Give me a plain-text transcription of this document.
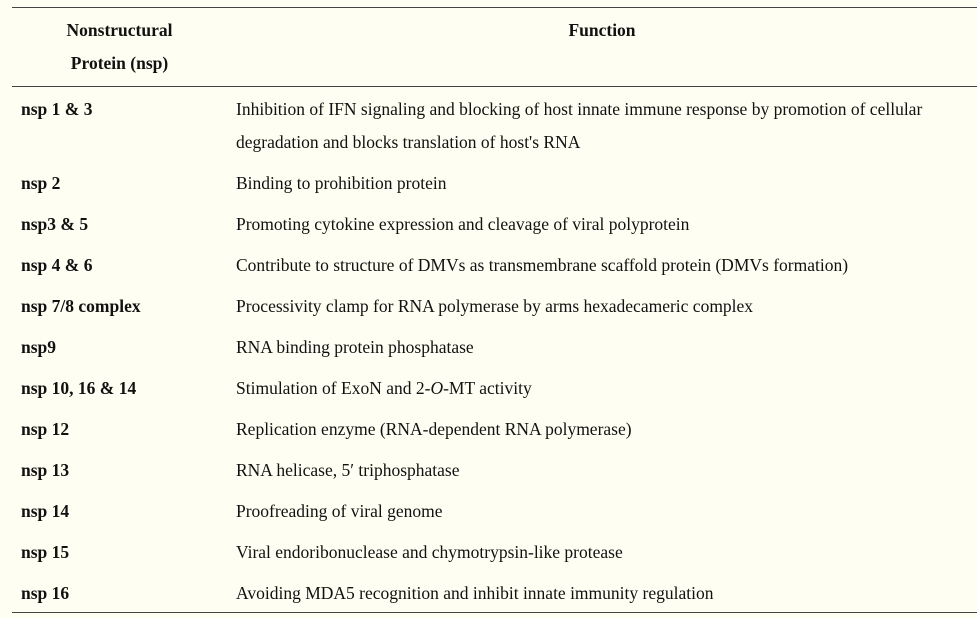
Nonstructural
Protein (nsp)	Function
nsp 1 & 3	Inhibition of IFN signaling and blocking of host innate immune response by promotion of cellular degradation and blocks translation of host's RNA
nsp 2	Binding to prohibition protein
nsp3 & 5	Promoting cytokine expression and cleavage of viral polyprotein
nsp 4 & 6	Contribute to structure of DMVs as transmembrane scaffold protein (DMVs formation)
nsp 7/8 complex	Processivity clamp for RNA polymerase by arms hexadecameric complex
nsp9	RNA binding protein phosphatase
nsp 10, 16 & 14	Stimulation of ExoN and 2-O-MT activity
nsp 12	Replication enzyme (RNA-dependent RNA polymerase)
nsp 13	RNA helicase, 5′ triphosphatase
nsp 14	Proofreading of viral genome
nsp 15	Viral endoribonuclease and chymotrypsin-like protease
nsp 16	Avoiding MDA5 recognition and inhibit innate immunity regulation
